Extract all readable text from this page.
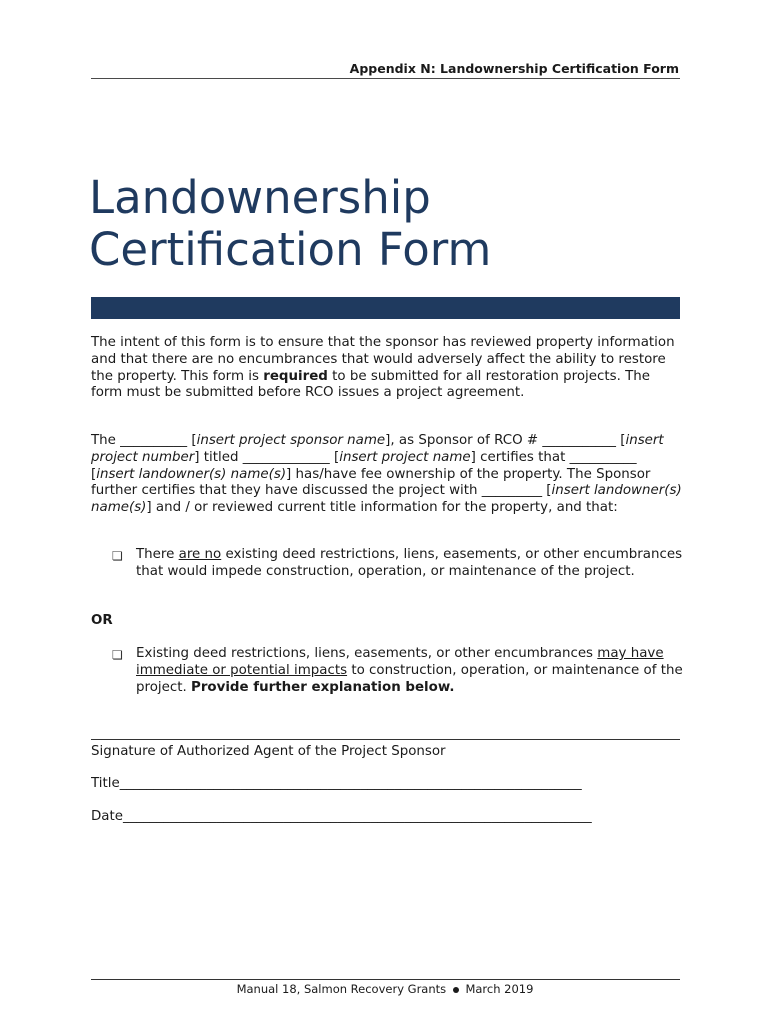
Appendix N: Landownership Certification Form
Landownership
Certification Form
The intent of this form is to ensure that the sponsor has reviewed property information and that there are no encumbrances that would adversely affect the ability to restore the property. This form is required to be submitted for all restoration projects. The form must be submitted before RCO issues a project agreement.
The __________ [insert project sponsor name], as Sponsor of RCO # ___________ [insert project number] titled _____________ [insert project name] certifies that __________ [insert landowner(s) name(s)] has/have fee ownership of the property. The Sponsor further certifies that they have discussed the project with _________ [insert landowner(s) name(s)] and / or reviewed current title information for the property, and that:
❏ There are no existing deed restrictions, liens, easements, or other encumbrances that would impede construction, operation, or maintenance of the project.
OR
❏ Existing deed restrictions, liens, easements, or other encumbrances may have immediate or potential impacts to construction, operation, or maintenance of the project. Provide further explanation below.
Signature of Authorized Agent of the Project Sponsor
Title_____________________________________________________________________
Date______________________________________________________________________
Manual 18, Salmon Recovery Grants March 2019
